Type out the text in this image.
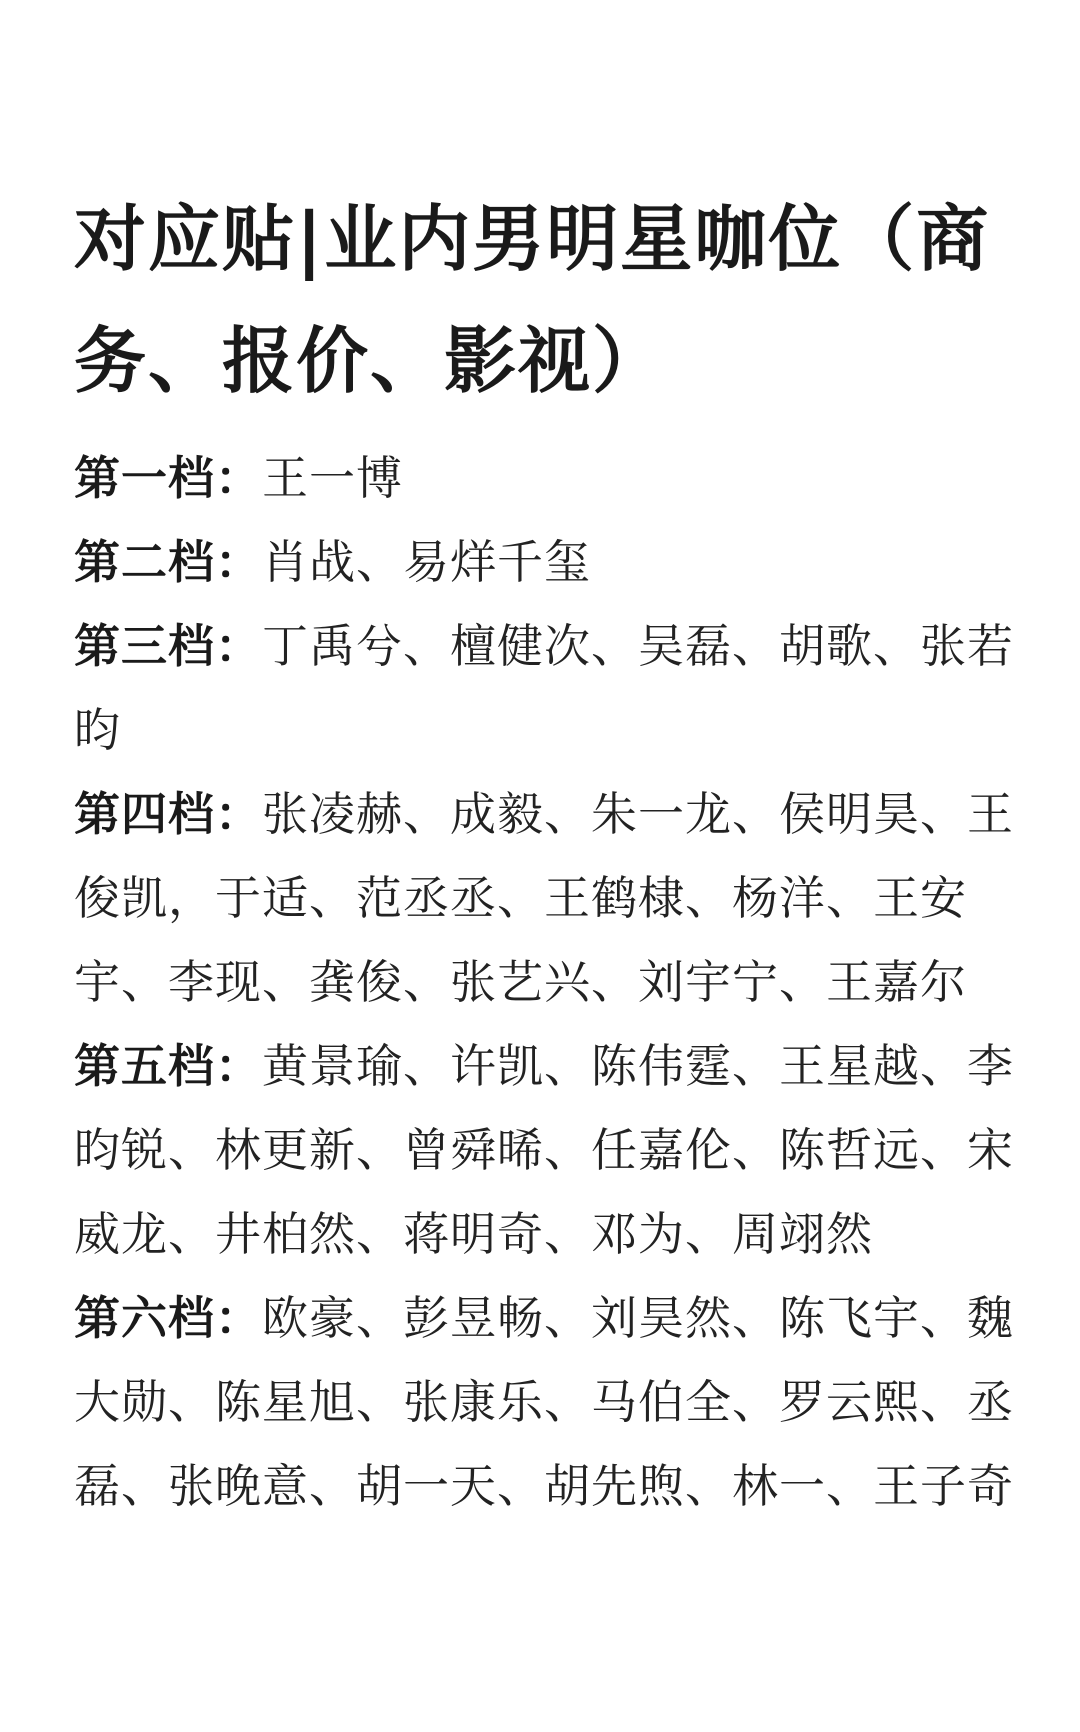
对应贴|业内男明星咖位（商务、报价、影视）
第一档：王一博
第二档：肖战、易烊千玺
第三档：丁禹兮、檀健次、吴磊、胡歌、张若昀
第四档：张凌赫、成毅、朱一龙、侯明昊、王俊凯，于适、范丞丞、王鹤棣、杨洋、王安宇、李现、龚俊、张艺兴、刘宇宁、王嘉尔
第五档：黄景瑜、许凯、陈伟霆、王星越、李昀锐、林更新、曾舜晞、任嘉伦、陈哲远、宋威龙、井柏然、蒋明奇、邓为、周翊然
第六档：欧豪、彭昱畅、刘昊然、陈飞宇、魏大勋、陈星旭、张康乐、马伯全、罗云熙、丞磊、张晚意、胡一天、胡先煦、林一、王子奇
